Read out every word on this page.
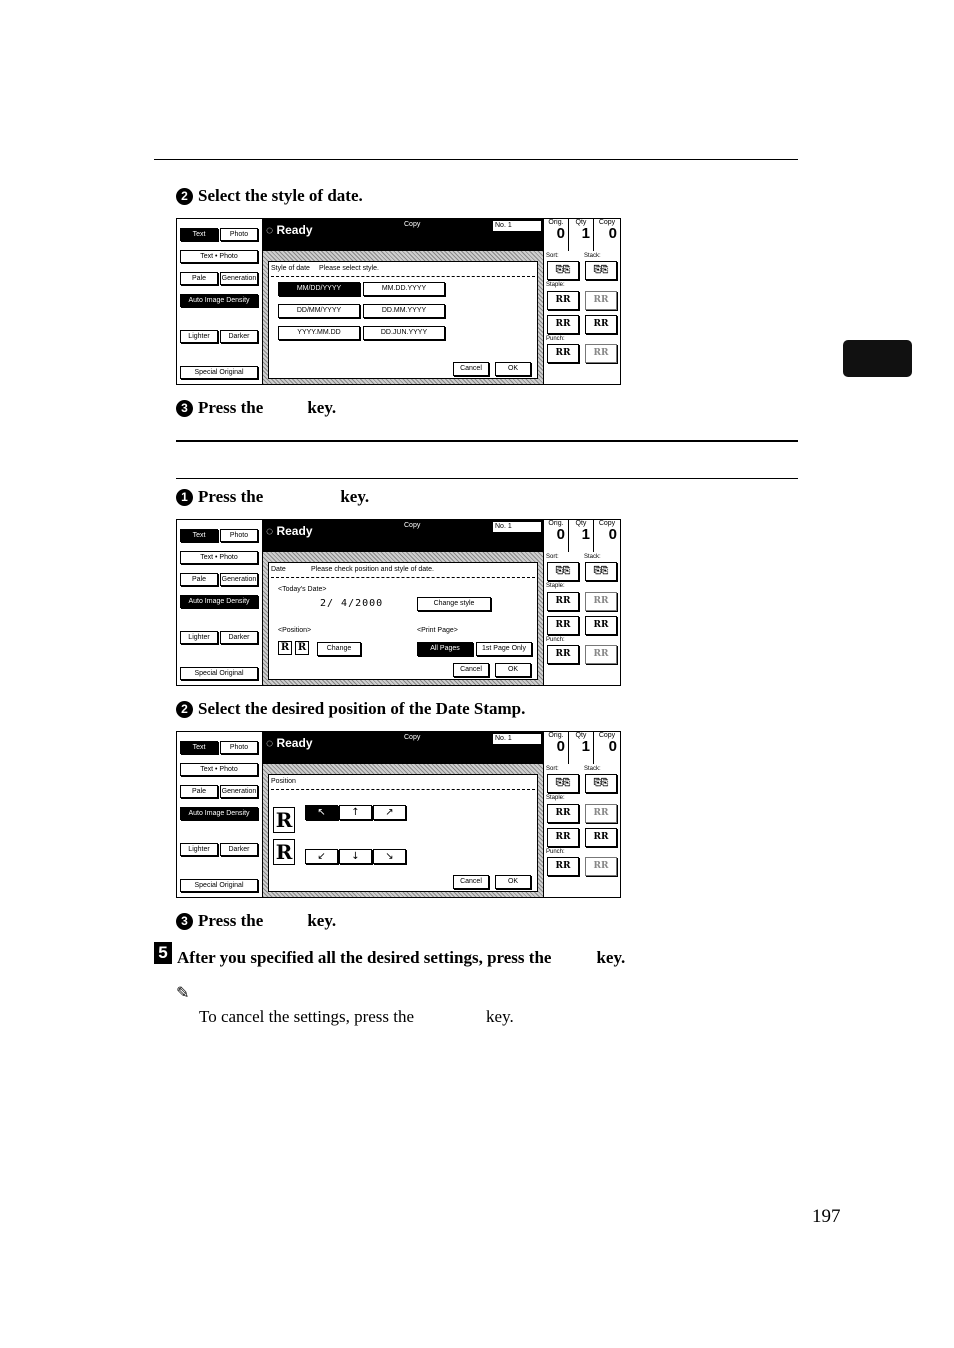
2 Select the style of date.
Text	Photo
Text • Photo
Pale	Generation
Auto Image Density
Lighter	Darker
Special Original
◌ Ready	Copy	No. 1
Style of date Please select style.
MM/DD/YYYY	MM.DD.YYYY
DD/MM/YYYY	DD.MM.YYYY
YYYY.MM.DD	DD.JUN.YYYY
Cancel	OK
Orig.
0
Qty
1
Copy
0
Sort:	Stack:
⎘⎘	⎘⎘
Staple:
RR	RR
RR	RR
Punch:
RR	RR
3 Press the	key.
1 Press the	key.
Text	Photo
Text • Photo
Pale	Generation
Auto Image Density
Lighter	Darker
Special Original
◌ Ready	Copy	No. 1
Date	Please check position and style of date.
<Today's Date>
2/ 4/2000	Change style
<Position>
R R	Change
<Print Page>
All Pages	1st Page Only
Cancel	OK
Orig.
0
Qty
1
Copy
0
Sort:	Stack:
⎘⎘	⎘⎘
Staple:
RR	RR
RR	RR
Punch:
RR	RR
2 Select the desired position of the Date Stamp.
Text	Photo
Text • Photo
Pale	Generation
Auto Image Density
Lighter	Darker
Special Original
◌ Ready	Copy	No. 1
Position
R	↖	↑	↗
R	↙	↓	↘
Cancel	OK
Orig.
0
Qty
1
Copy
0
Sort:	Stack:
⎘⎘	⎘⎘
Staple:
RR	RR
RR	RR
Punch:
RR	RR
3 Press the	key.
5 After you specified all the desired settings, press the	key.
✎
To cancel the settings, press the	key.
197
